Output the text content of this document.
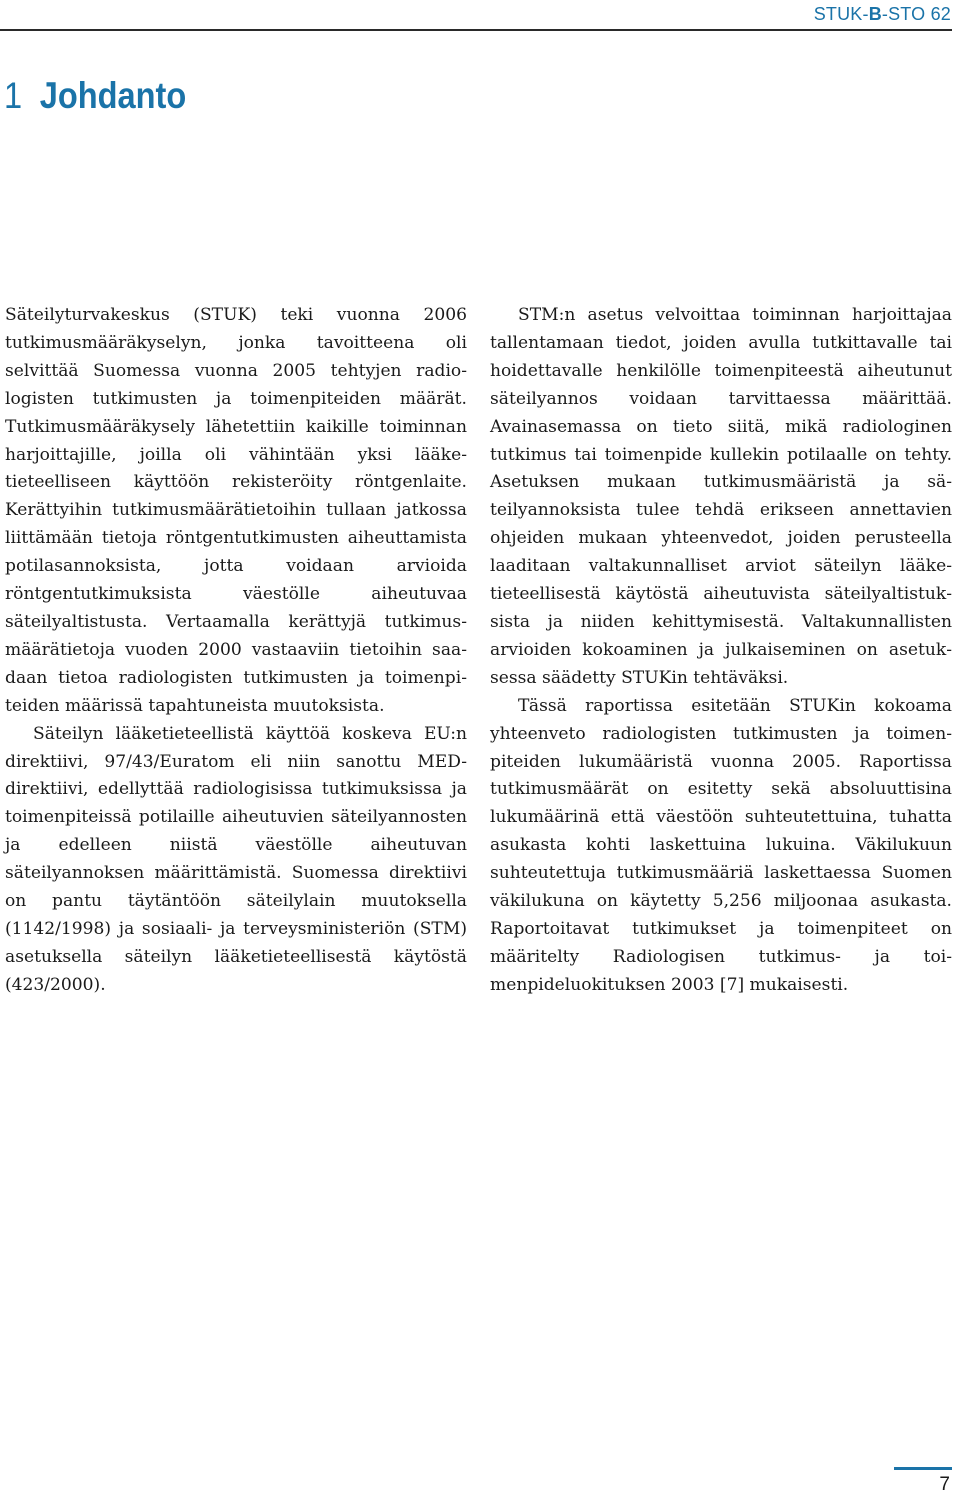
STUK-B-STO 62
1 Johdanto

Säteilyturvakeskus (STUK) teki vuonna 2006 tutkimusmääräkyselyn, jonka tavoitteena oli selvittää Suomessa vuonna 2005 tehtyjen radiologisten tutkimusten ja toimenpiteiden määrät. Tutkimusmääräkysely lähetettiin kaikille toiminnan harjoittajille, joilla oli vähintään yksi lääketieteelliseen käyttöön rekisteröity röntgenlaite. Kerättyihin tutkimusmäärätietoihin tullaan jatkossa liittämään tietoja röntgentutkimusten aiheuttamista potilasannoksista, jotta voidaan arvioida röntgentutkimuksista väestölle aiheutuvaa säteilyaltistusta. Vertaamalla kerättyjä tutkimusmäärätietoja vuoden 2000 vastaaviin tietoihin saadaan tietoa radiologisten tutkimusten ja toimenpiteiden määrissä tapahtuneista muutoksista.

Säteilyn lääketieteellistä käyttöä koskeva EU:n direktiivi, 97/43/Euratom eli niin sanottu MED-direktiivi, edellyttää radiologisissa tutkimuksissa ja toimenpiteissä potilaille aiheutuvien säteilyannosten ja edelleen niistä väestölle aiheutuvan säteilyannoksen määrittämistä. Suomessa direktiivi on pantu täytäntöön säteilylain muutoksella (1142/1998) ja sosiaali- ja terveysministeriön (STM) asetuksella säteilyn lääketieteellisestä käytöstä (423/2000).

STM:n asetus velvoittaa toiminnan harjoittajaa tallentamaan tiedot, joiden avulla tutkittavalle tai hoidettavalle henkilölle toimenpiteestä aiheutunut säteilyannos voidaan tarvittaessa määrittää. Avainasemassa on tieto siitä, mikä radiologinen tutkimus tai toimenpide kullekin potilaalle on tehty. Asetuksen mukaan tutkimusmääristä ja säteilyannoksista tulee tehdä erikseen annettavien ohjeiden mukaan yhteenvedot, joiden perusteella laaditaan valtakunnalliset arviot säteilyn lääketieteellisestä käytöstä aiheutuvista säteilyaltistuksista ja niiden kehittymisestä. Valtakunnallisten arvioiden kokoaminen ja julkaiseminen on asetuksessa säädetty STUKin tehtäväksi.

Tässä raportissa esitetään STUKin kokoama yhteenveto radiologisten tutkimusten ja toimenpiteiden lukumääristä vuonna 2005. Raportissa tutkimusmäärät on esitetty sekä absoluuttisina lukumäärinä että väestöön suhteutettuina, tuhatta asukasta kohti laskettuina lukuina. Väkilukuun suhteutettuja tutkimusmääriä laskettaessa Suomen väkilukuna on käytetty 5,256 miljoonaa asukasta. Raportoitavat tutkimukset ja toimenpiteet on määritelty Radiologisen tutkimus- ja toimenpideluokituksen 2003 [7] mukaisesti.

7
